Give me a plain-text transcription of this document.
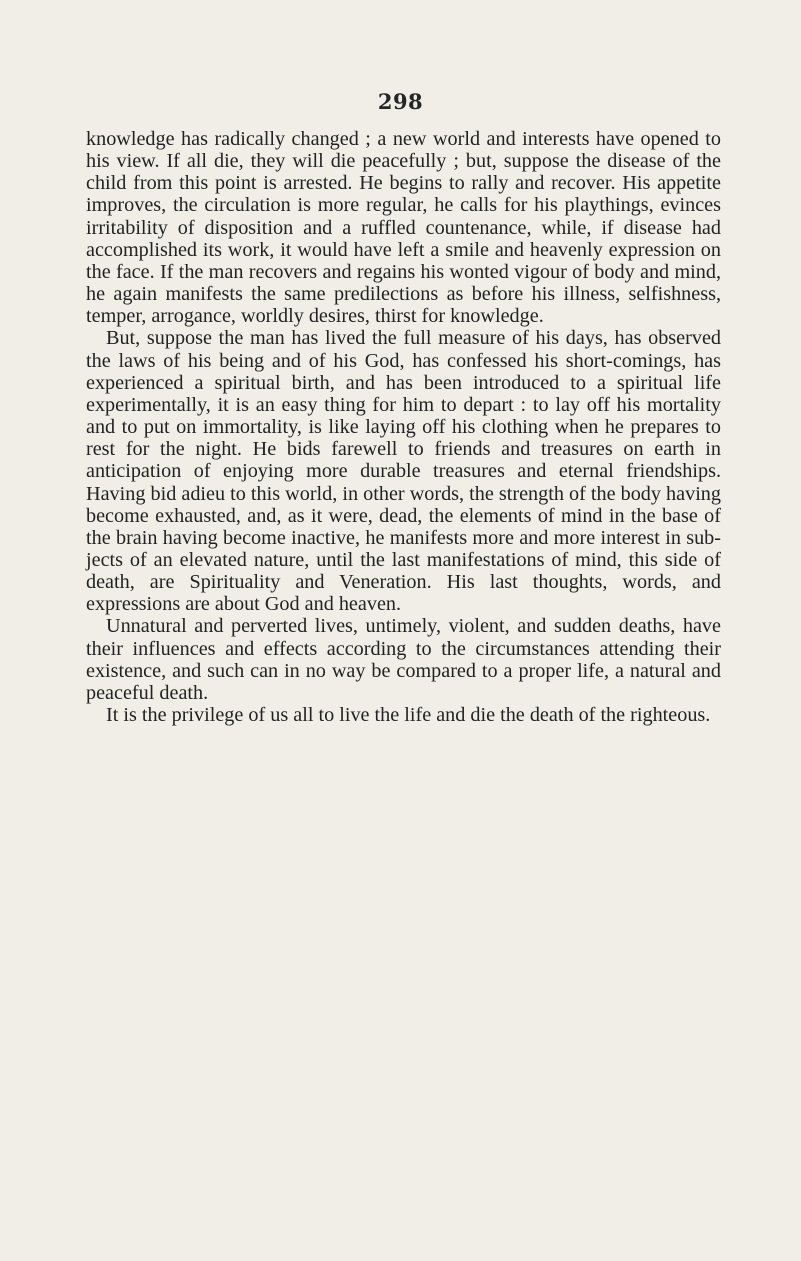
298

knowledge has radically changed ; a new world and interests have opened to his view. If all die, they will die peacefully ; but, suppose the disease of the child from this point is arrested. He begins to rally and recover. His appetite improves, the circulation is more regular, he calls for his playthings, evinces irritability of disposition and a ruffled countenance, while, if disease had accomplished its work, it would have left a smile and heavenly expression on the face. If the man recovers and regains his wonted vigour of body and mind, he again manifests the same predilections as before his illness, selfishness, temper, arrogance, worldly desires, thirst for knowledge.

But, suppose the man has lived the full measure of his days, has observed the laws of his being and of his God, has confessed his short-comings, has experienced a spiritual birth, and has been introduced to a spiritual life experimentally, it is an easy thing for him to depart : to lay off his mortality and to put on immortality, is like laying off his clothing when he prepares to rest for the night. He bids farewell to friends and treasures on earth in anticipation of enjoying more durable treasures and eternal friendships. Having bid adieu to this world, in other words, the strength of the body having become exhausted, and, as it were, dead, the elements of mind in the base of the brain having become inactive, he manifests more and more interest in sub-jects of an elevated nature, until the last manifestations of mind, this side of death, are Spirituality and Veneration. His last thoughts, words, and expressions are about God and heaven.

Unnatural and perverted lives, untimely, violent, and sudden deaths, have their influences and effects according to the circumstances attending their existence, and such can in no way be compared to a proper life, a natural and peaceful death.

It is the privilege of us all to live the life and die the death of the righteous.
